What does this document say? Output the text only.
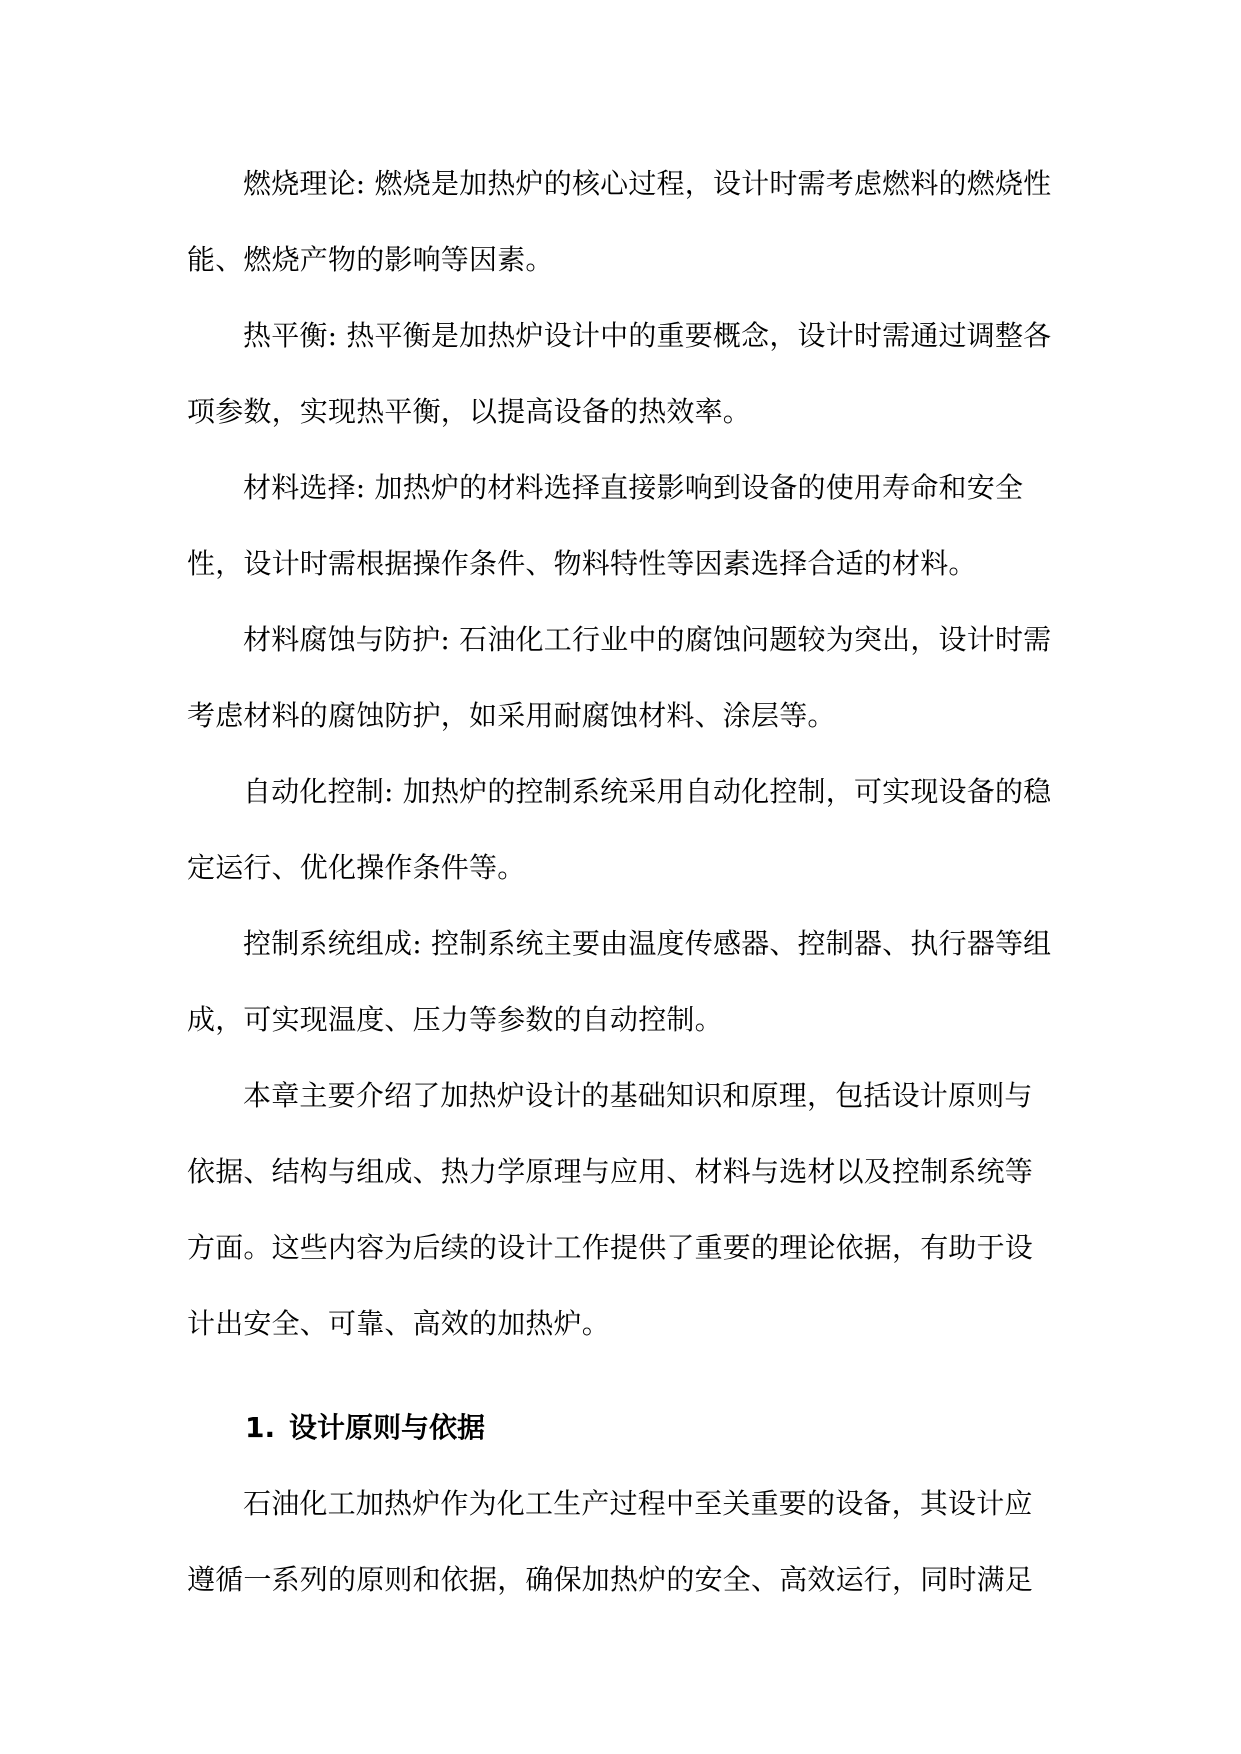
燃烧理论: 燃烧是加热炉的核心过程，设计时需考虑燃料的燃烧性能、燃烧产物的影响等因素。

热平衡: 热平衡是加热炉设计中的重要概念，设计时需通过调整各项参数，实现热平衡，以提高设备的热效率。

材料选择: 加热炉的材料选择直接影响到设备的使用寿命和安全性，设计时需根据操作条件、物料特性等因素选择合适的材料。

材料腐蚀与防护: 石油化工行业中的腐蚀问题较为突出，设计时需考虑材料的腐蚀防护，如采用耐腐蚀材料、涂层等。

自动化控制: 加热炉的控制系统采用自动化控制，可实现设备的稳定运行、优化操作条件等。

控制系统组成: 控制系统主要由温度传感器、控制器、执行器等组成，可实现温度、压力等参数的自动控制。

本章主要介绍了加热炉设计的基础知识和原理，包括设计原则与依据、结构与组成、热力学原理与应用、材料与选材以及控制系统等方面。这些内容为后续的设计工作提供了重要的理论依据，有助于设计出安全、可靠、高效的加热炉。

1. 设计原则与依据

石油化工加热炉作为化工生产过程中至关重要的设备，其设计应遵循一系列的原则和依据，确保加热炉的安全、高效运行，同时满足
